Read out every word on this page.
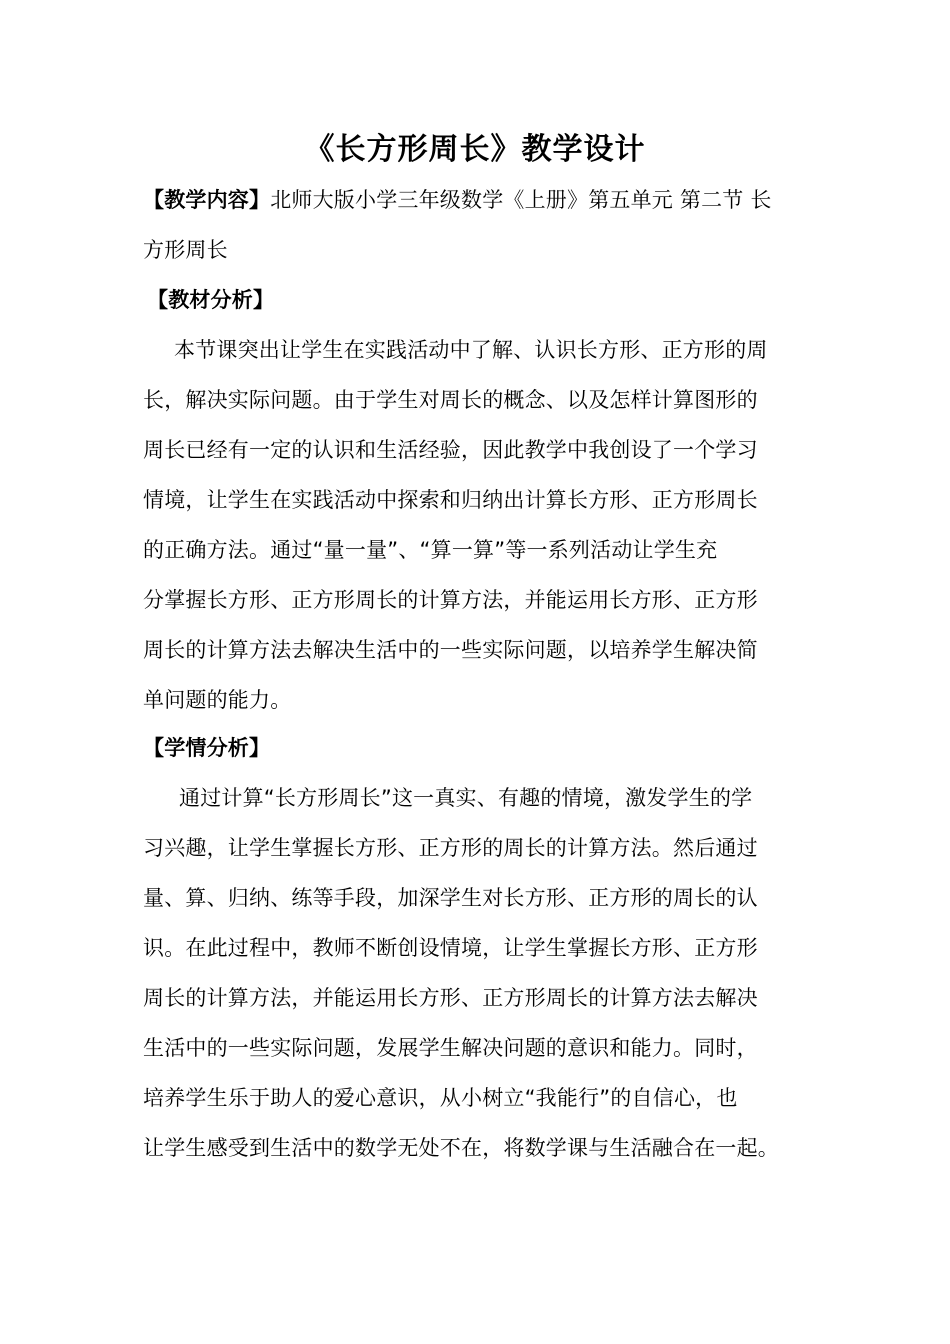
《长方形周长》教学设计
【教学内容】北师大版小学三年级数学《上册》第五单元 第二节 长
方形周长
【教材分析】
本节课突出让学生在实践活动中了解、认识长方形、正方形的周
长，解决实际问题。由于学生对周长的概念、以及怎样计算图形的
周长已经有一定的认识和生活经验，因此教学中我创设了一个学习
情境，让学生在实践活动中探索和归纳出计算长方形、正方形周长
的正确方法。通过“量一量”、“算一算”等一系列活动让学生充
分掌握长方形、正方形周长的计算方法，并能运用长方形、正方形
周长的计算方法去解决生活中的一些实际问题，以培养学生解决简
单问题的能力。
【学情分析】
通过计算“长方形周长”这一真实、有趣的情境，激发学生的学
习兴趣，让学生掌握长方形、正方形的周长的计算方法。然后通过
量、算、归纳、练等手段，加深学生对长方形、正方形的周长的认
识。在此过程中，教师不断创设情境，让学生掌握长方形、正方形
周长的计算方法，并能运用长方形、正方形周长的计算方法去解决
生活中的一些实际问题，发展学生解决问题的意识和能力。同时，
培养学生乐于助人的爱心意识，从小树立“我能行”的自信心，也
让学生感受到生活中的数学无处不在，将数学课与生活融合在一起。
